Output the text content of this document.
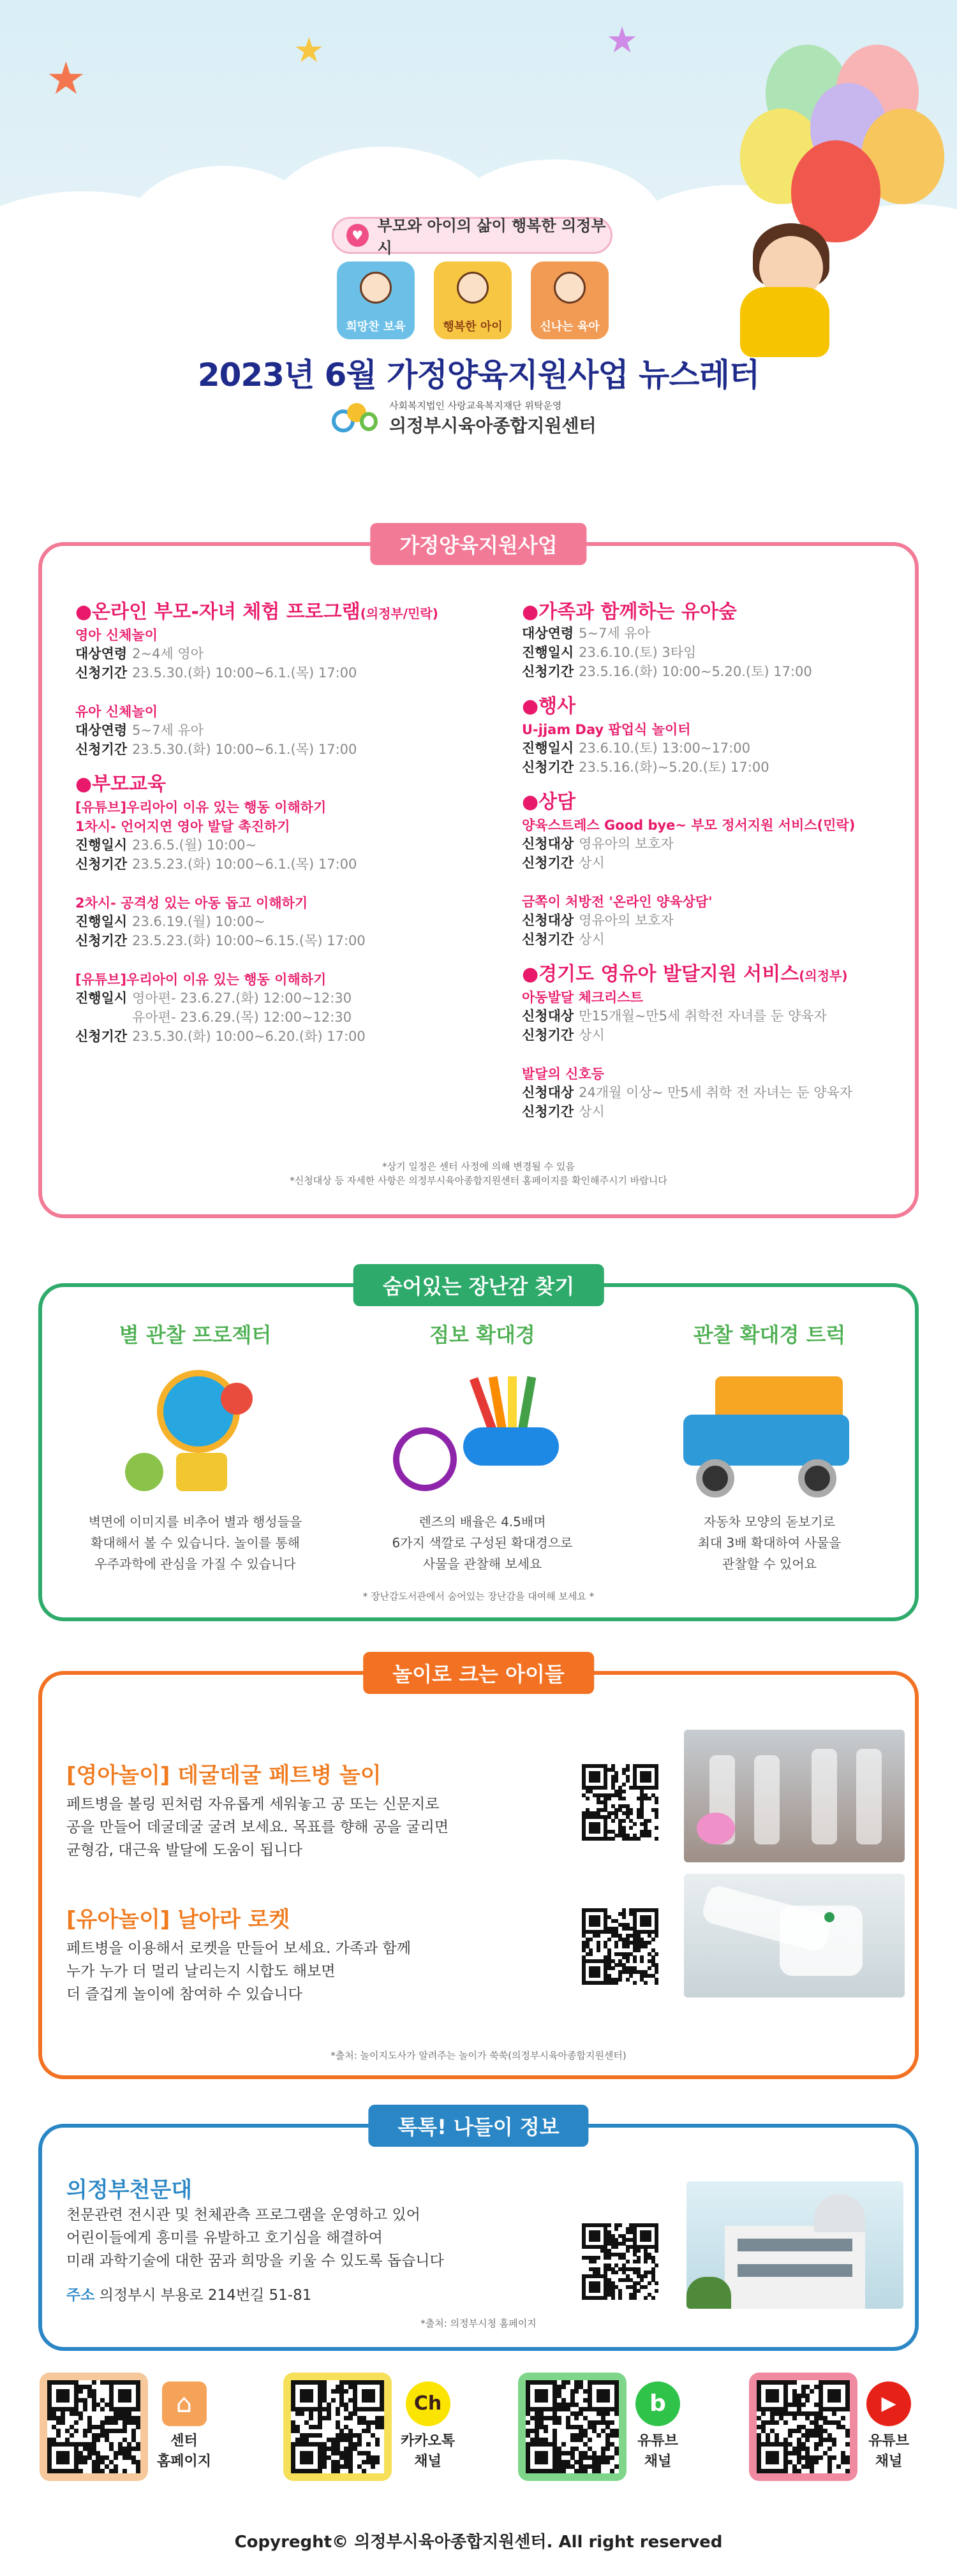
★
★	★
♥
부모와 아이의 삶이 행복한 의정부시
희망찬 보육	행복한 아이	신나는 육아
2023년 6월 가정양육지원사업 뉴스레터
사회복지법인 사랑교육복지재단 위탁운영
의정부시육아종합지원센터
가정양육지원사업
●온라인 부모-자녀 체험 프로그램(의정부/민락)
영아 신체놀이
대상연령 2~4세 영아
신청기간 23.5.30.(화) 10:00~6.1.(목) 17:00
유아 신체놀이
대상연령 5~7세 유아
신청기간 23.5.30.(화) 10:00~6.1.(목) 17:00
●부모교육
[유튜브]우리아이 이유 있는 행동 이해하기
1차시- 언어지연 영아 발달 촉진하기
진행일시 23.6.5.(월) 10:00~
신청기간 23.5.23.(화) 10:00~6.1.(목) 17:00
2차시- 공격성 있는 아동 돕고 이해하기
진행일시 23.6.19.(월) 10:00~
신청기간 23.5.23.(화) 10:00~6.15.(목) 17:00
[유튜브]우리아이 이유 있는 행동 이해하기
진행일시 영아편- 23.6.27.(화) 12:00~12:30
유아편- 23.6.29.(목) 12:00~12:30
신청기간 23.5.30.(화) 10:00~6.20.(화) 17:00
●가족과 함께하는 유아숲
대상연령 5~7세 유아
진행일시 23.6.10.(토) 3타임
신청기간 23.5.16.(화) 10:00~5.20.(토) 17:00
●행사
U-jjam Day 팝업식 놀이터
진행일시 23.6.10.(토) 13:00~17:00
신청기간 23.5.16.(화)~5.20.(토) 17:00
●상담
양육스트레스 Good bye~ 부모 정서지원 서비스(민락)
신청대상 영유아의 보호자
신청기간 상시
금쪽이 처방전 '온라인 양육상담'
신청대상 영유아의 보호자
신청기간 상시
●경기도 영유아 발달지원 서비스(의정부)
아동발달 체크리스트
신청대상 만15개월~만5세 취학전 자녀를 둔 양육자
신청기간 상시
발달의 신호등
신청대상 24개월 이상~ 만5세 취학 전 자녀는 둔 양육자
신청기간 상시
*상기 일정은 센터 사정에 의해 변경될 수 있음
*신청대상 등 자세한 사항은 의정부시육아종합지원센터 홈페이지를 확인해주시기 바랍니다
숨어있는 장난감 찾기
별 관찰 프로젝터
벽면에 이미지를 비추어 별과 행성들을
확대해서 볼 수 있습니다. 놀이를 통해
우주과학에 관심을 가질 수 있습니다
점보 확대경
렌즈의 배율은 4.5배며
6가지 색깔로 구성된 확대경으로
사물을 관찰해 보세요
관찰 확대경 트럭
자동차 모양의 돋보기로
최대 3배 확대하여 사물을
관찰할 수 있어요
* 장난감도서관에서 숨어있는 장난감을 대여해 보세요 *
놀이로 크는 아이들
[영아놀이] 데굴데굴 페트병 놀이
페트병을 볼링 핀처럼 자유롭게 세워놓고 공 또는 신문지로
공을 만들어 데굴데굴 굴려 보세요. 목표를 향해 공을 굴리면
균형감, 대근육 발달에 도움이 됩니다
[유아놀이] 날아라 로켓
페트병을 이용해서 로켓을 만들어 보세요. 가족과 함께
누가 누가 더 멀리 날리는지 시합도 해보면
더 즐겁게 놀이에 참여하 수 있습니다
*출처: 놀이지도사가 알려주는 놀이가 쑥쑥(의정부시육아종합지원센터)
톡톡! 나들이 정보
의정부천문대
천문관련 전시관 및 천체관측 프로그램을 운영하고 있어
어린이들에게 흥미를 유발하고 호기심을 해결하여
미래 과학기술에 대한 꿈과 희망을 키울 수 있도록 돕습니다
주소 의정부시 부용로 214번길 51-81
*출처: 의정부시청 홈페이지
⌂
센터
홈페이지
Ch
카카오톡
채널
b
유튜브
채널
▶
유튜브
채널
Copyreght© 의정부시육아종합지원센터. All right reserved
